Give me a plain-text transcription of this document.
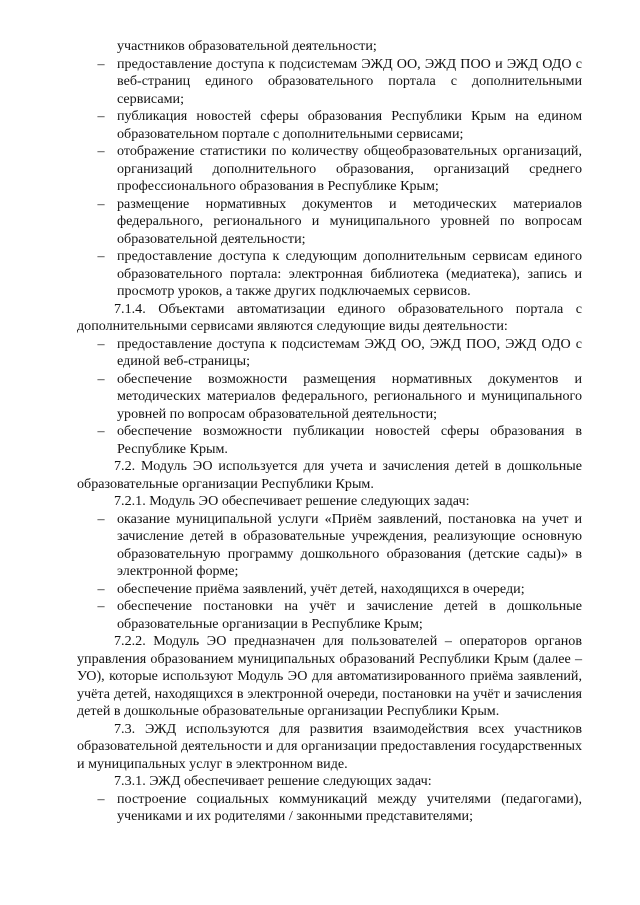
участников образовательной деятельности;

– предоставление доступа к подсистемам ЭЖД ОО, ЭЖД ПОО и ЭЖД ОДО с веб-страниц единого образовательного портала с дополнительными сервисами;
– публикация новостей сферы образования Республики Крым на едином образовательном портале с дополнительными сервисами;
– отображение статистики по количеству общеобразовательных организаций, организаций дополнительного образования, организаций среднего профессионального образования в Республике Крым;
– размещение нормативных документов и методических материалов федерального, регионального и муниципального уровней по вопросам образовательной деятельности;
– предоставление доступа к следующим дополнительным сервисам единого образовательного портала: электронная библиотека (медиатека), запись и просмотр уроков, а также других подключаемых сервисов.

7.1.4. Объектами автоматизации единого образовательного портала с дополнительными сервисами являются следующие виды деятельности:

– предоставление доступа к подсистемам ЭЖД ОО, ЭЖД ПОО, ЭЖД ОДО с единой веб-страницы;
– обеспечение возможности размещения нормативных документов и методических материалов федерального, регионального и муниципального уровней по вопросам образовательной деятельности;
– обеспечение возможности публикации новостей сферы образования в Республике Крым.

7.2. Модуль ЭО используется для учета и зачисления детей в дошкольные образовательные организации Республики Крым.

7.2.1. Модуль ЭО обеспечивает решение следующих задач:

– оказание муниципальной услуги «Приём заявлений, постановка на учет и зачисление детей в образовательные учреждения, реализующие основную образовательную программу дошкольного образования (детские сады)» в электронной форме;
– обеспечение приёма заявлений, учёт детей, находящихся в очереди;
– обеспечение постановки на учёт и зачисление детей в дошкольные образовательные организации в Республике Крым;

7.2.2. Модуль ЭО предназначен для пользователей – операторов органов управления образованием муниципальных образований Республики Крым (далее – УО), которые используют Модуль ЭО для автоматизированного приёма заявлений, учёта детей, находящихся в электронной очереди, постановки на учёт и зачисления детей в дошкольные образовательные организации Республики Крым.

7.3. ЭЖД используются для развития взаимодействия всех участников образовательной деятельности и для организации предоставления государственных и муниципальных услуг в электронном виде.

7.3.1. ЭЖД обеспечивает решение следующих задач:

– построение социальных коммуникаций между учителями (педагогами), учениками и их родителями / законными представителями;
